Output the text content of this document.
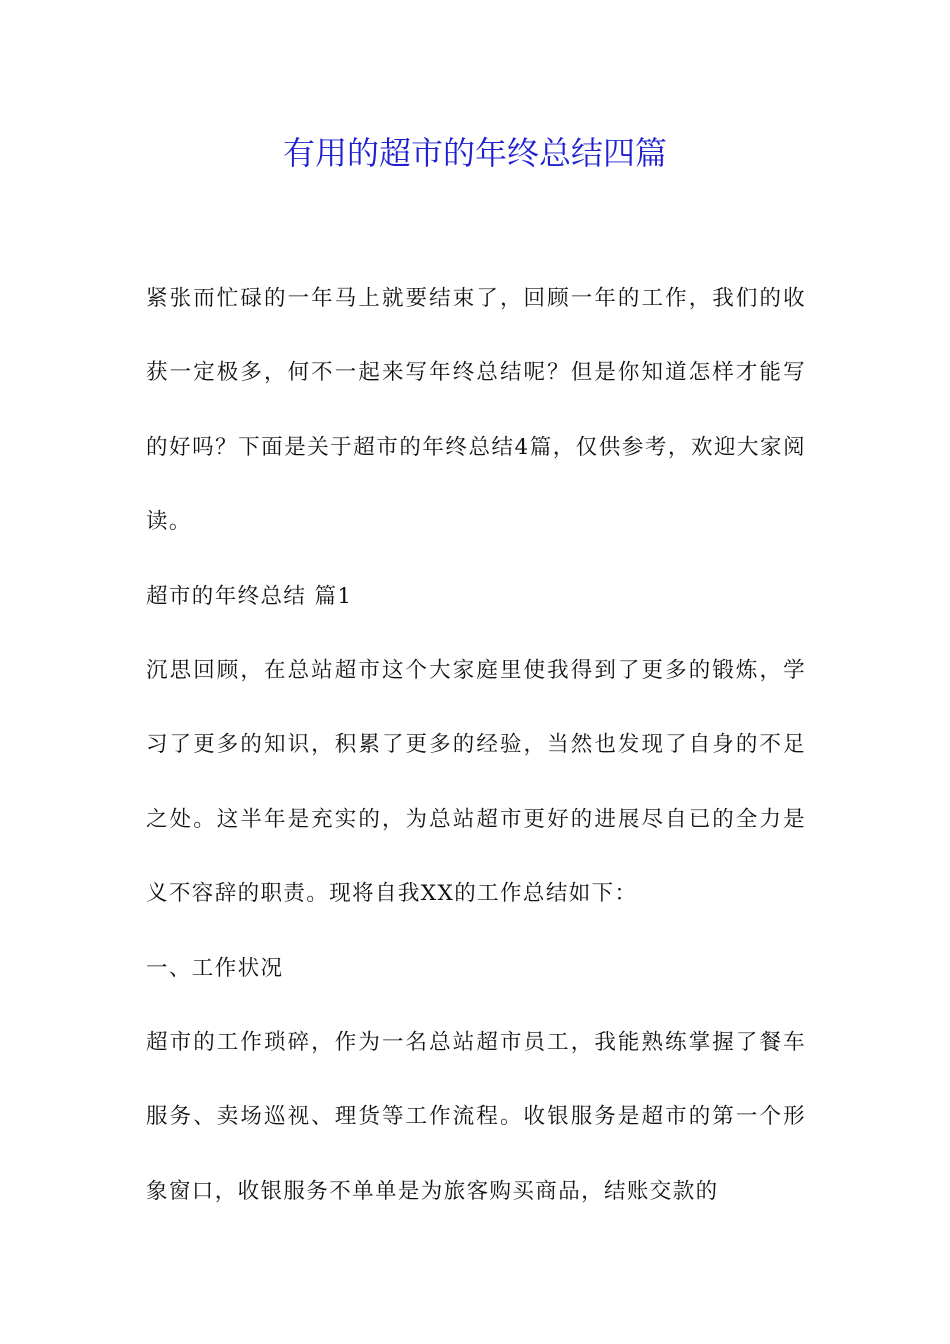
有用的超市的年终总结四篇

紧张而忙碌的一年马上就要结束了，回顾一年的工作，我们的收获一定极多，何不一起来写年终总结呢？但是你知道怎样才能写的好吗？下面是关于超市的年终总结4篇，仅供参考，欢迎大家阅读。

超市的年终总结 篇1

沉思回顾，在总站超市这个大家庭里使我得到了更多的锻炼，学习了更多的知识，积累了更多的经验，当然也发现了自身的不足之处。这半年是充实的，为总站超市更好的进展尽自已的全力是义不容辞的职责。现将自我XX的工作总结如下：

一、工作状况

超市的工作琐碎，作为一名总站超市员工，我能熟练掌握了餐车服务、卖场巡视、理货等工作流程。收银服务是超市的第一个形象窗口，收银服务不单单是为旅客购买商品，结账交款的
